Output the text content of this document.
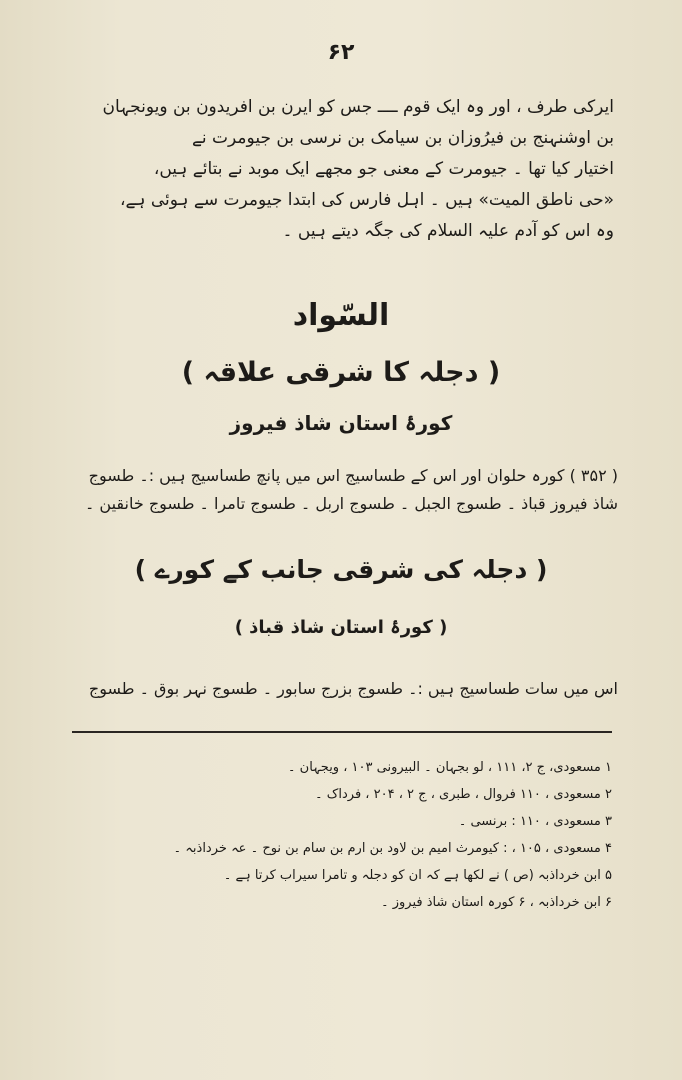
۶۲

ایرکی طرف ، اور وہ ایک قوم ــــ جس کو ایرن بن افریدون بن ویونجہان

بن اوشنہنج بن فیرُوزان بن سیامک بن نرسی بن جیومرت نے

اختیار کیا تھا ۔ جیومرت کے معنی جو مجھے ایک موبد نے بتائے ہیں،

«حی ناطق المیت» ہیں ۔ اہل فارس کی ابتدا جیومرت سے ہوئی ہے،

وہ اس کو آدم علیہ السلام کی جگہ دیتے ہیں ۔

السّواد
( دجلہ کا شرقی علاقہ )
کورۂ استان شاذ فیروز

( ۳۵۲ ) کورہ حلوان اور اس کے طساسیج اس میں پانچ طساسیج ہیں :۔ طسوج

شاذ فیروز قباذ ۔ طسوج الجبل ۔ طسوج اربل ۔ طسوج تامرا ۔ طسوج خانقین ۔

( دجلہ کی شرقی جانب کے کورے )
( کورۂ استان شاذ قباذ )
اس میں سات طساسیج ہیں :۔ طسوج بزرج سابور ۔ طسوج نہر بوق ۔ طسوج

۱ مسعودی، ج ۲، ۱۱۱ ، لو بجہان ۔ البیرونی ۱۰۳ ، ویجہان ۔

۲ مسعودی ، ۱۱۰ فروال ، طبری ، ج ۲ ، ۲۰۴ ، فرداک ۔

۳ مسعودی ، ۱۱۰ : برنسی ۔

۴ مسعودی ، ۱۰۵ ، : کیومرث امیم بن لاود بن ارم بن سام بن نوح ۔ عہ خرداذبہ ۔

۵ ابن خرداذبہ (ص ) نے لکھا ہے کہ ان کو دجلہ و تامرا سیراب کرتا ہے ۔

۶ ابن خرداذبہ ، ۶ کورہ استان شاذ فیروز ۔
